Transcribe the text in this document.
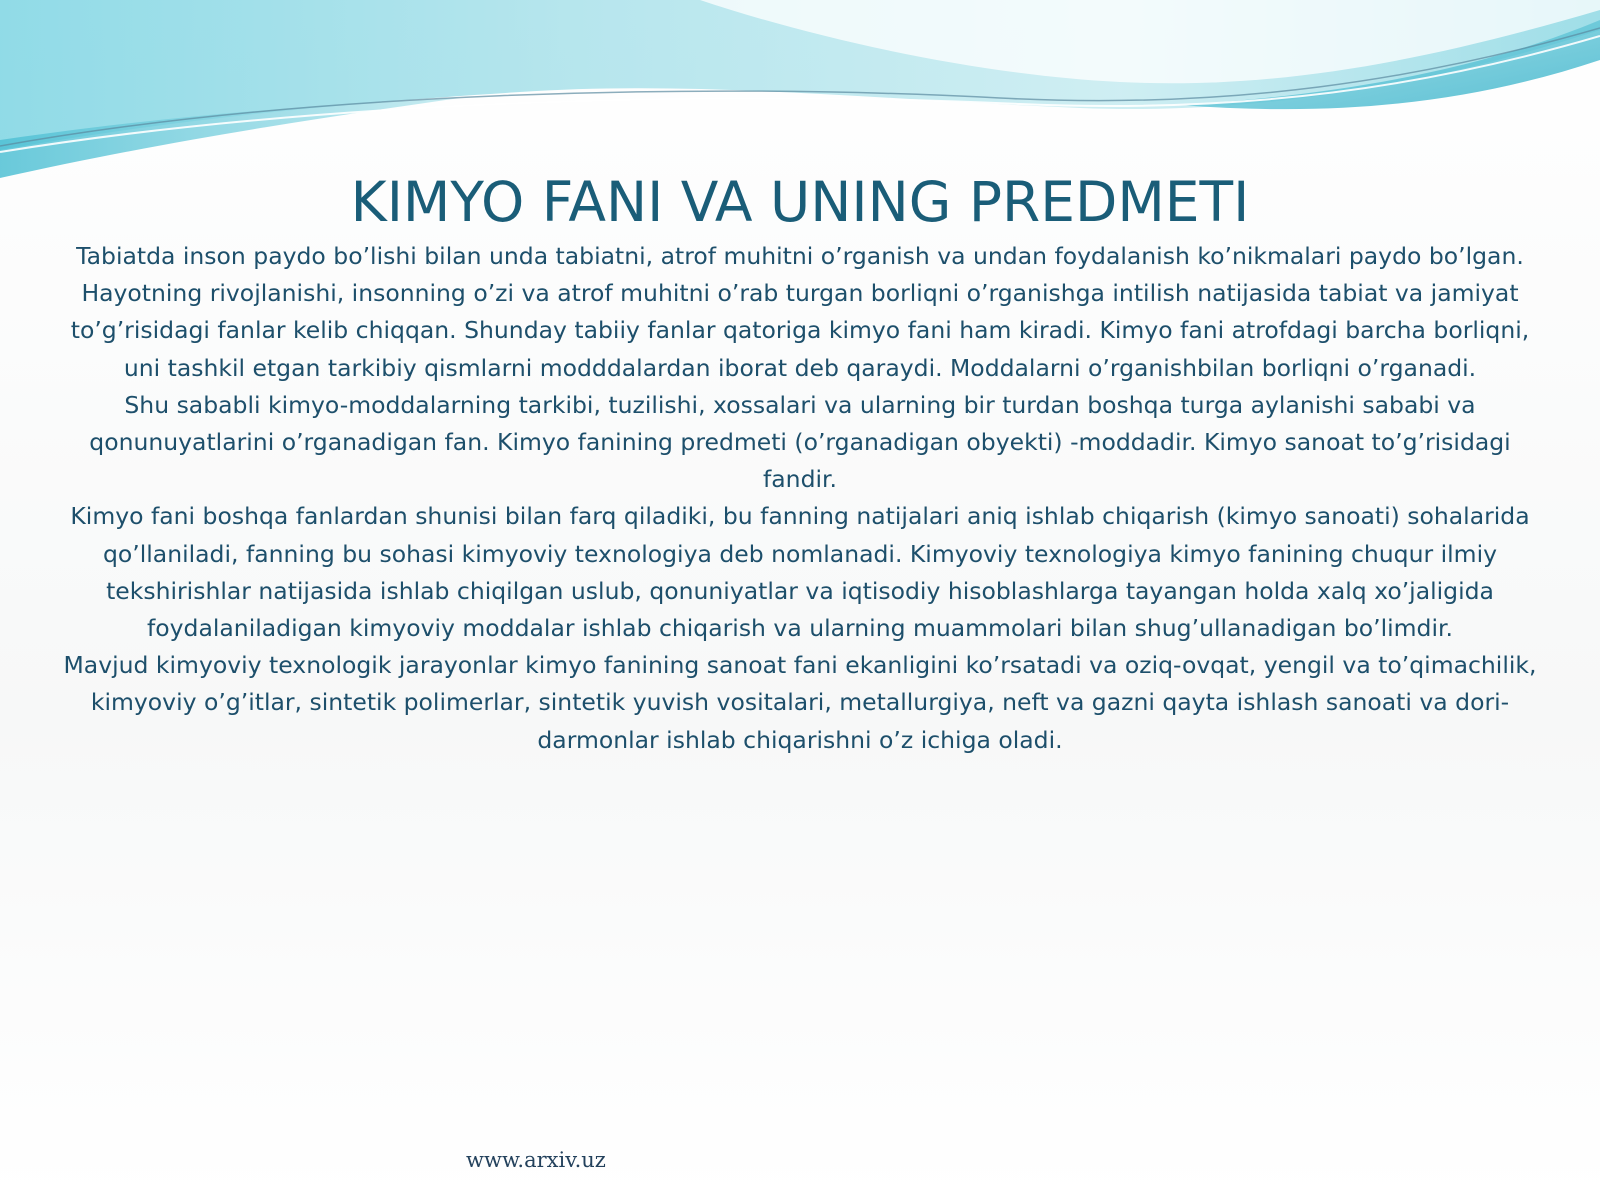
KIMYO FANI VA UNING PREDMETI

Tabiatda inson paydo bo’lishi bilan unda tabiatni, atrof muhitni o’rganish va undan foydalanish ko’nikmalari paydo bo’lgan. Hayotning rivojlanishi, insonning o’zi va atrof muhitni o’rab turgan borliqni o’rganishga intilish natijasida tabiat va jamiyat to’g’risidagi fanlar kelib chiqqan. Shunday tabiiy fanlar qatoriga kimyo fani ham kiradi. Kimyo fani atrofdagi barcha borliqni, uni tashkil etgan tarkibiy qismlarni modddalardan iborat deb qaraydi. Moddalarni o’rganishbilan borliqni o’rganadi.

Shu sababli kimyo-moddalarning tarkibi, tuzilishi, xossalari va ularning bir turdan boshqa turga aylanishi sababi va qonunuyatlarini o’rganadigan fan. Kimyo fanining predmeti (o’rganadigan obyekti) -moddadir. Kimyo sanoat to’g’risidagi fandir.

Kimyo fani boshqa fanlardan shunisi bilan farq qiladiki, bu fanning natijalari aniq ishlab chiqarish (kimyo sanoati) sohalarida qo’llaniladi, fanning bu sohasi kimyoviy texnologiya deb nomlanadi. Kimyoviy texnologiya kimyo fanining chuqur ilmiy tekshirishlar natijasida ishlab chiqilgan uslub, qonuniyatlar va iqtisodiy hisoblashlarga tayangan holda xalq xo’jaligida foydalaniladigan kimyoviy moddalar ishlab chiqarish va ularning muammolari bilan shug’ullanadigan bo’limdir.

Mavjud kimyoviy texnologik jarayonlar kimyo fanining sanoat fani ekanligini ko’rsatadi va oziq-ovqat, yengil va to’qimachilik, kimyoviy o’g’itlar, sintetik polimerlar, sintetik yuvish vositalari, metallurgiya, neft va gazni qayta ishlash sanoati va dori-darmonlar ishlab chiqarishni o’z ichiga oladi.

www.arxiv.uz
